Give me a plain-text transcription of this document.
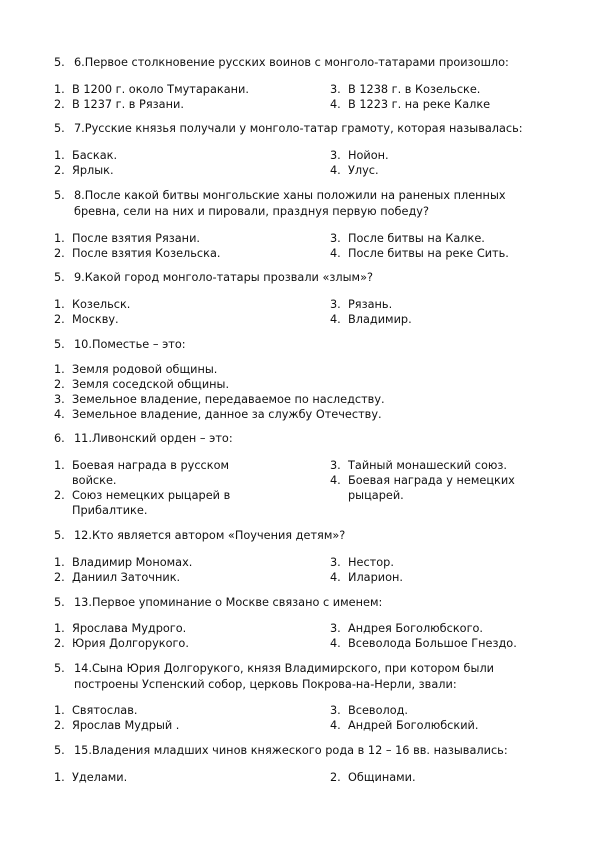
5. 6.Первое столкновение русских воинов с монголо-татарами произошло:
1. В 1200 г. около Тмутаракани.
2. В 1237 г. в Рязани.
3. В 1238 г. в Козельске.
4. В 1223 г. на реке Калке
5. 7.Русские князья получали у монголо-татар грамоту, которая называлась:
1. Баскак.
2. Ярлык.
3. Нойон.
4. Улус.
5. 8.После какой битвы монгольские ханы положили на раненых пленных бревна, сели на них и пировали, празднуя первую победу?
1. После взятия Рязани.
2. После взятия Козельска.
3. После битвы на Калке.
4. После битвы на реке Сить.
5. 9.Какой город монголо-татары прозвали «злым»?
1. Козельск.
2. Москву.
3. Рязань.
4. Владимир.
5. 10.Поместье – это:
1. Земля родовой общины.
2. Земля соседской общины.
3. Земельное владение, передаваемое по наследству.
4. Земельное владение, данное за службу Отечеству.
6. 11.Ливонский орден – это:
1. Боевая награда в русском войске.
2. Союз немецких рыцарей в Прибалтике.
3. Тайный монашеский союз.
4. Боевая награда у немецких рыцарей.
5. 12.Кто является автором «Поучения детям»?
1. Владимир Мономах.
2. Даниил Заточник.
3. Нестор.
4. Иларион.
5. 13.Первое упоминание о Москве связано с именем:
1. Ярослава Мудрого.
2. Юрия Долгорукого.
3. Андрея Боголюбского.
4. Всеволода Большое Гнездо.
5. 14.Сына Юрия Долгорукого, князя Владимирского, при котором были построены Успенский собор, церковь Покрова-на-Нерли, звали:
1. Святослав.
2. Ярослав Мудрый .
3. Всеволод.
4. Андрей Боголюбский.
5. 15.Владения младших чинов княжеского рода в 12 – 16 вв. назывались:
1. Уделами.	2. Общинами.
